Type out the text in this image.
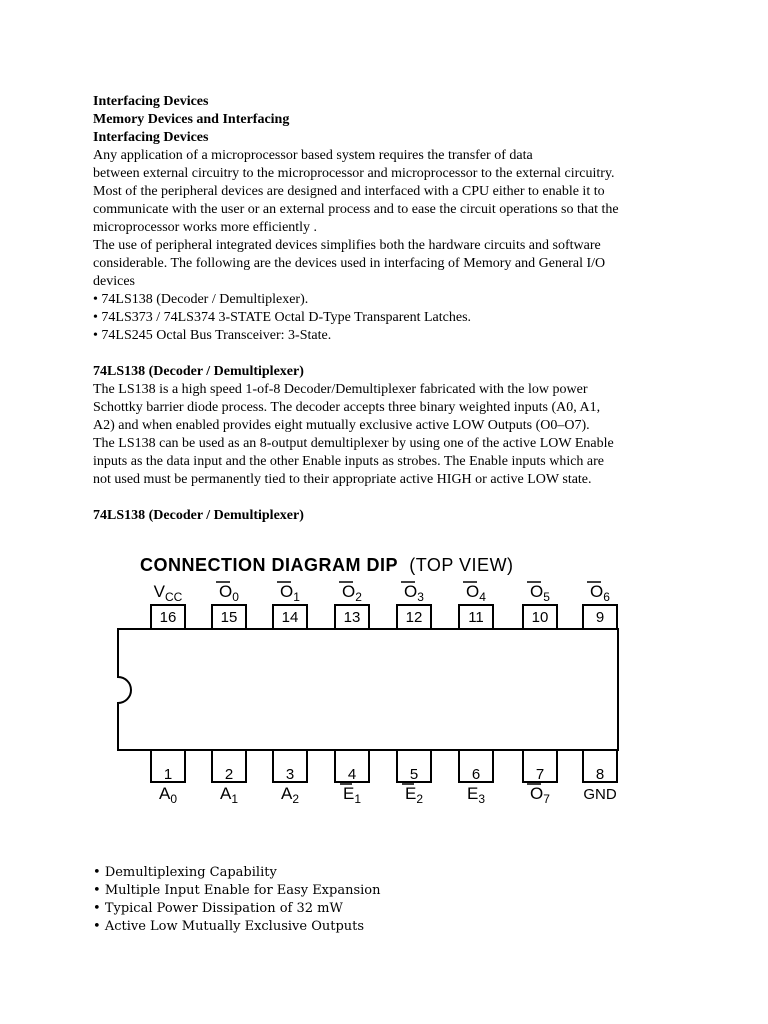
Interfacing Devices
Memory Devices and Interfacing
Interfacing Devices
Any application of a microprocessor based system requires the transfer of data
between external circuitry to the microprocessor and microprocessor to the external circuitry.
Most of the peripheral devices are designed and interfaced with a CPU either to enable it to
communicate with the user or an external process and to ease the circuit operations so that the
microprocessor works more efficiently .
The use of peripheral integrated devices simplifies both the hardware circuits and software
considerable. The following are the devices used in interfacing of Memory and General I/O
devices
• 74LS138 (Decoder / Demultiplexer).
• 74LS373 / 74LS374 3-STATE Octal D-Type Transparent Latches.
• 74LS245 Octal Bus Transceiver: 3-State.
74LS138 (Decoder / Demultiplexer)
The LS138 is a high speed 1-of-8 Decoder/Demultiplexer fabricated with the low power
Schottky barrier diode process. The decoder accepts three binary weighted inputs (A0, A1,
A2) and when enabled provides eight mutually exclusive active LOW Outputs (O0–O7).
The LS138 can be used as an 8-output demultiplexer by using one of the active LOW Enable
inputs as the data input and the other Enable inputs as strobes. The Enable inputs which are
not used must be permanently tied to their appropriate active HIGH or active LOW state.
74LS138 (Decoder / Demultiplexer)
CONNECTION DIAGRAM DIP (TOP VIEW)
16
$V_{CC}$
15
$O_0$
14
$O_1$
13
$O_2$
12
$O_3$
11
$O_4$
10
$O_5$
9
$O_6$
1
$A_0$
2
$A_1$
3
$A_2$
4
$E_1$
5
$E_2$
6
$E_3$
7
$O_7$
8
GND
• Demultiplexing Capability
• Multiple Input Enable for Easy Expansion
• Typical Power Dissipation of 32 mW
• Active Low Mutually Exclusive Outputs
